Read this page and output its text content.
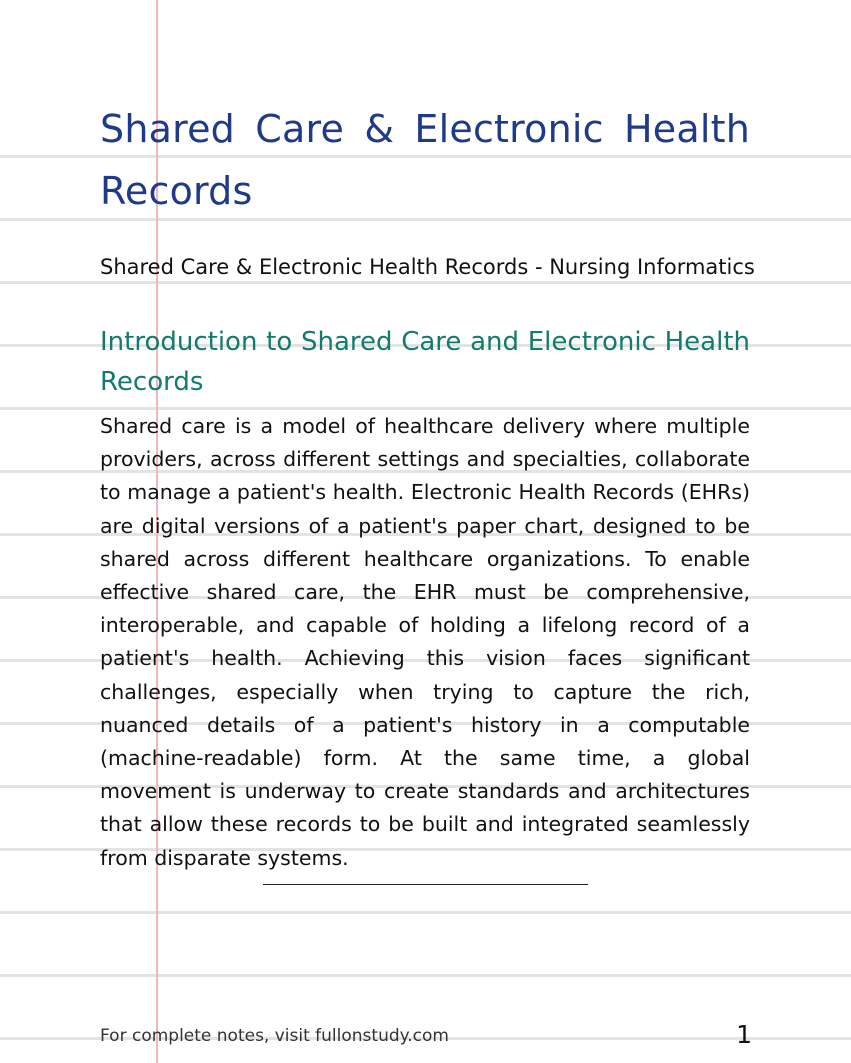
Shared Care & Electronic Health Records
Shared Care & Electronic Health Records - Nursing Informatics
Introduction to Shared Care and Electronic Health Records

Shared care is a model of healthcare delivery where multiple providers, across different settings and specialties, collaborate to manage a patient's health. Electronic Health Records (EHRs) are digital versions of a patient's paper chart, designed to be shared across different healthcare organizations. To enable effective shared care, the EHR must be comprehensive, interoperable, and capable of holding a lifelong record of a patient's health. Achieving this vision faces significant challenges, especially when trying to capture the rich, nuanced details of a patient's history in a computable (machine-readable) form. At the same time, a global movement is underway to create standards and architectures that allow these records to be built and integrated seamlessly from disparate systems.

For complete notes, visit fullonstudy.com	1
